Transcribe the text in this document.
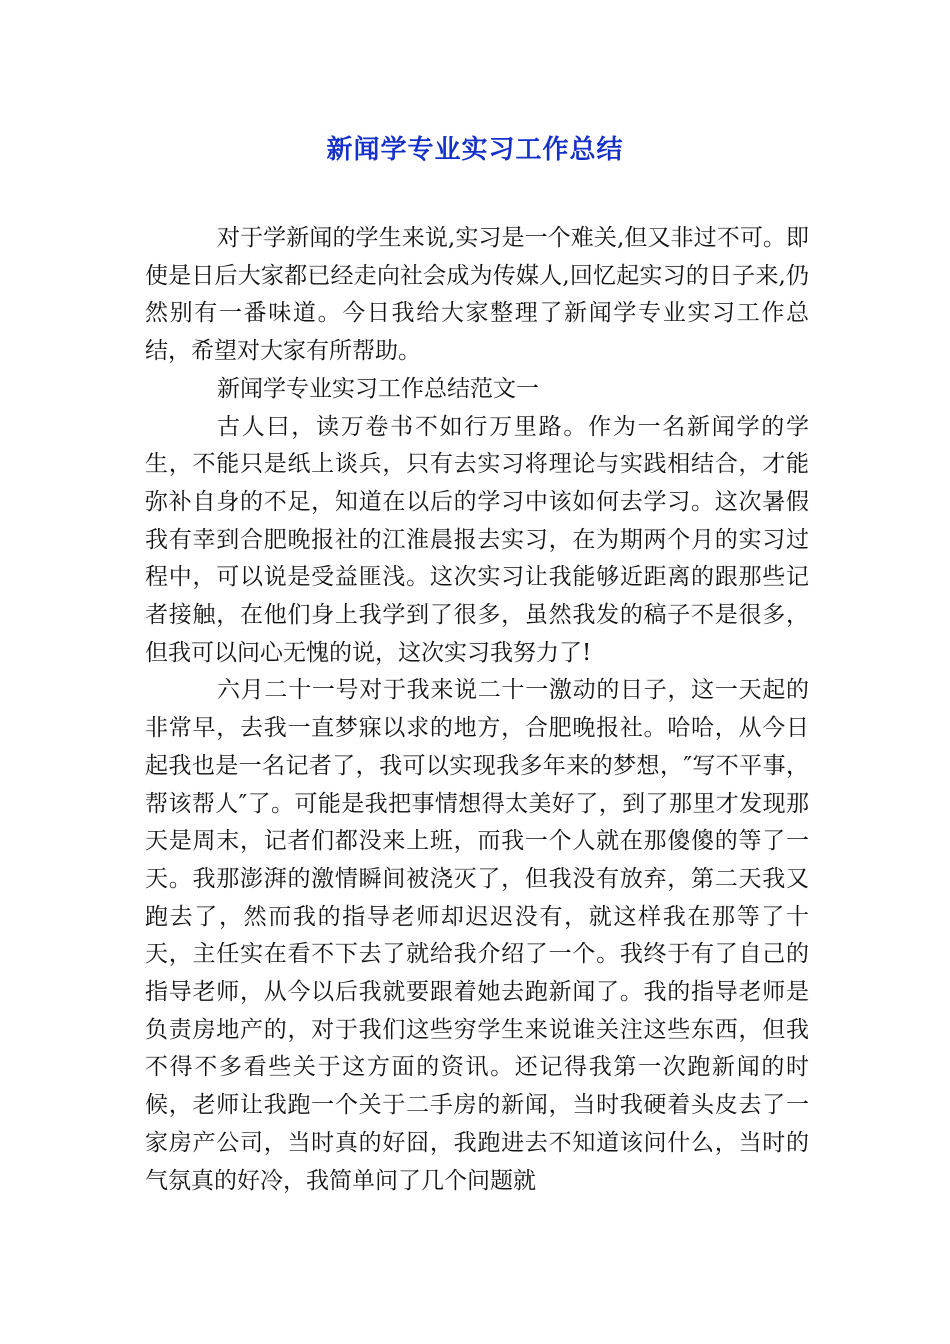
新闻学专业实习工作总结

对于学新闻的学生来说,实习是一个难关,但又非过不可。即使是日后大家都已经走向社会成为传媒人,回忆起实习的日子来,仍然别有一番味道。今日我给大家整理了新闻学专业实习工作总结，希望对大家有所帮助。

新闻学专业实习工作总结范文一

古人曰，读万卷书不如行万里路。作为一名新闻学的学生，不能只是纸上谈兵，只有去实习将理论与实践相结合，才能弥补自身的不足，知道在以后的学习中该如何去学习。这次暑假我有幸到合肥晚报社的江淮晨报去实习，在为期两个月的实习过程中，可以说是受益匪浅。这次实习让我能够近距离的跟那些记者接触，在他们身上我学到了很多，虽然我发的稿子不是很多，但我可以问心无愧的说，这次实习我努力了!

六月二十一号对于我来说二十一激动的日子，这一天起的非常早，去我一直梦寐以求的地方，合肥晚报社。哈哈，从今日起我也是一名记者了，我可以实现我多年来的梦想，″写不平事，帮该帮人″了。可能是我把事情想得太美好了，到了那里才发现那天是周末，记者们都没来上班，而我一个人就在那傻傻的等了一天。我那澎湃的激情瞬间被浇灭了，但我没有放弃，第二天我又跑去了，然而我的指导老师却迟迟没有，就这样我在那等了十天，主任实在看不下去了就给我介绍了一个。我终于有了自己的指导老师，从今以后我就要跟着她去跑新闻了。我的指导老师是负责房地产的，对于我们这些穷学生来说谁关注这些东西，但我不得不多看些关于这方面的资讯。还记得我第一次跑新闻的时候，老师让我跑一个关于二手房的新闻，当时我硬着头皮去了一家房产公司，当时真的好囧，我跑进去不知道该问什么，当时的气氛真的好冷，我简单问了几个问题就
